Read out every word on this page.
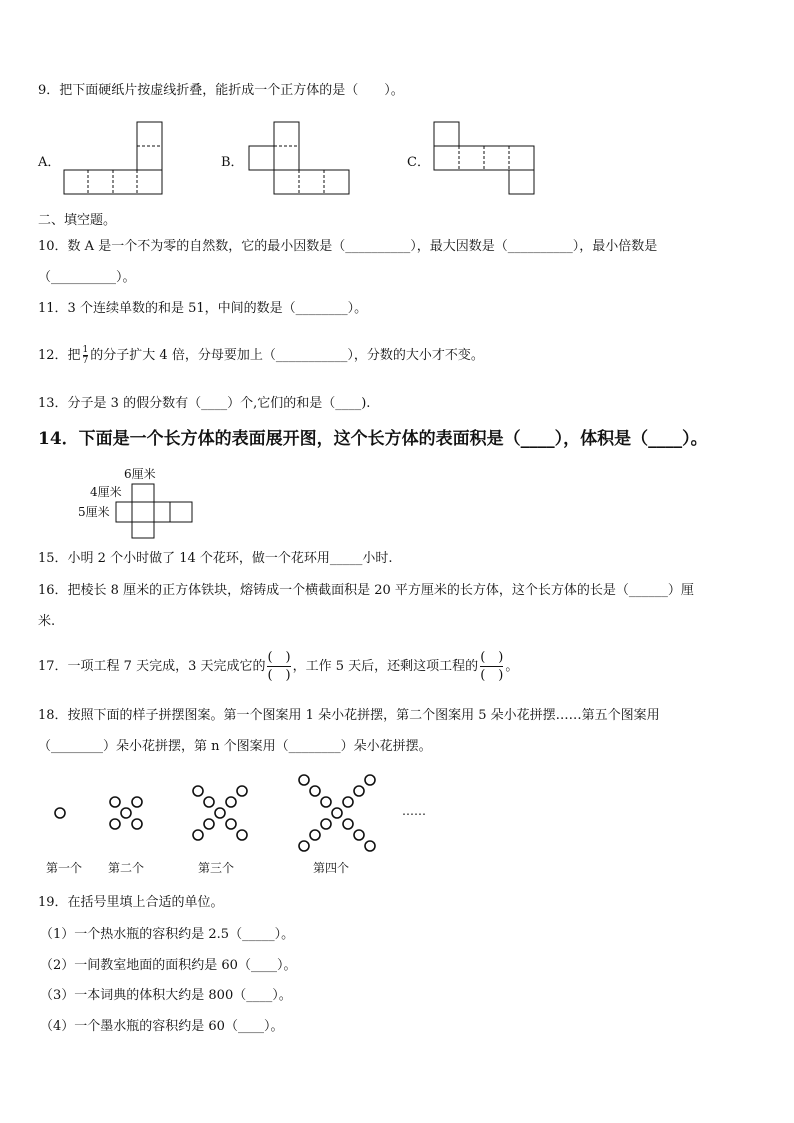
9．把下面硬纸片按虚线折叠，能折成一个正方体的是（　　）。
A．	B．	C．
二、填空题。
10．数 A 是一个不为零的自然数，它的最小因数是（__________），最大因数是（__________），最小倍数是
（__________）。
11．3 个连续单数的和是 51，中间的数是（________）。
12．把 $\frac{1}{7}$ 的分子扩大 4 倍，分母要加上（___________），分数的大小才不变。
13．分子是 3 的假分数有（____）个,它们的和是（____).
14．下面是一个长方体的表面展开图，这个长方体的表面积是（____），体积是（____）。
6厘米
4厘米
5厘米
15．小明 2 个小时做了 14 个花环，做一个花环用_____小时.
16．把棱长 8 厘米的正方体铁块，熔铸成一个横截面积是 20 平方厘米的长方体，这个长方体的长是（______）厘
米.
17．一项工程 7 天完成，3 天完成它的 $\frac{( )}{( )}$ ，工作 5 天后，还剩这项工程的 $\frac{( )}{( )}$ 。
18．按照下面的样子拼摆图案。第一个图案用 1 朵小花拼摆，第二个图案用 5 朵小花拼摆……第五个图案用
（________）朵小花拼摆，第 n 个图案用（________）朵小花拼摆。
……
第一个 第二个	第三个	第四个
19．在括号里填上合适的单位。
（1）一个热水瓶的容积约是 2.5（_____）。
（2）一间教室地面的面积约是 60（____）。
（3）一本词典的体积大约是 800（____）。
（4）一个墨水瓶的容积约是 60（____）。
